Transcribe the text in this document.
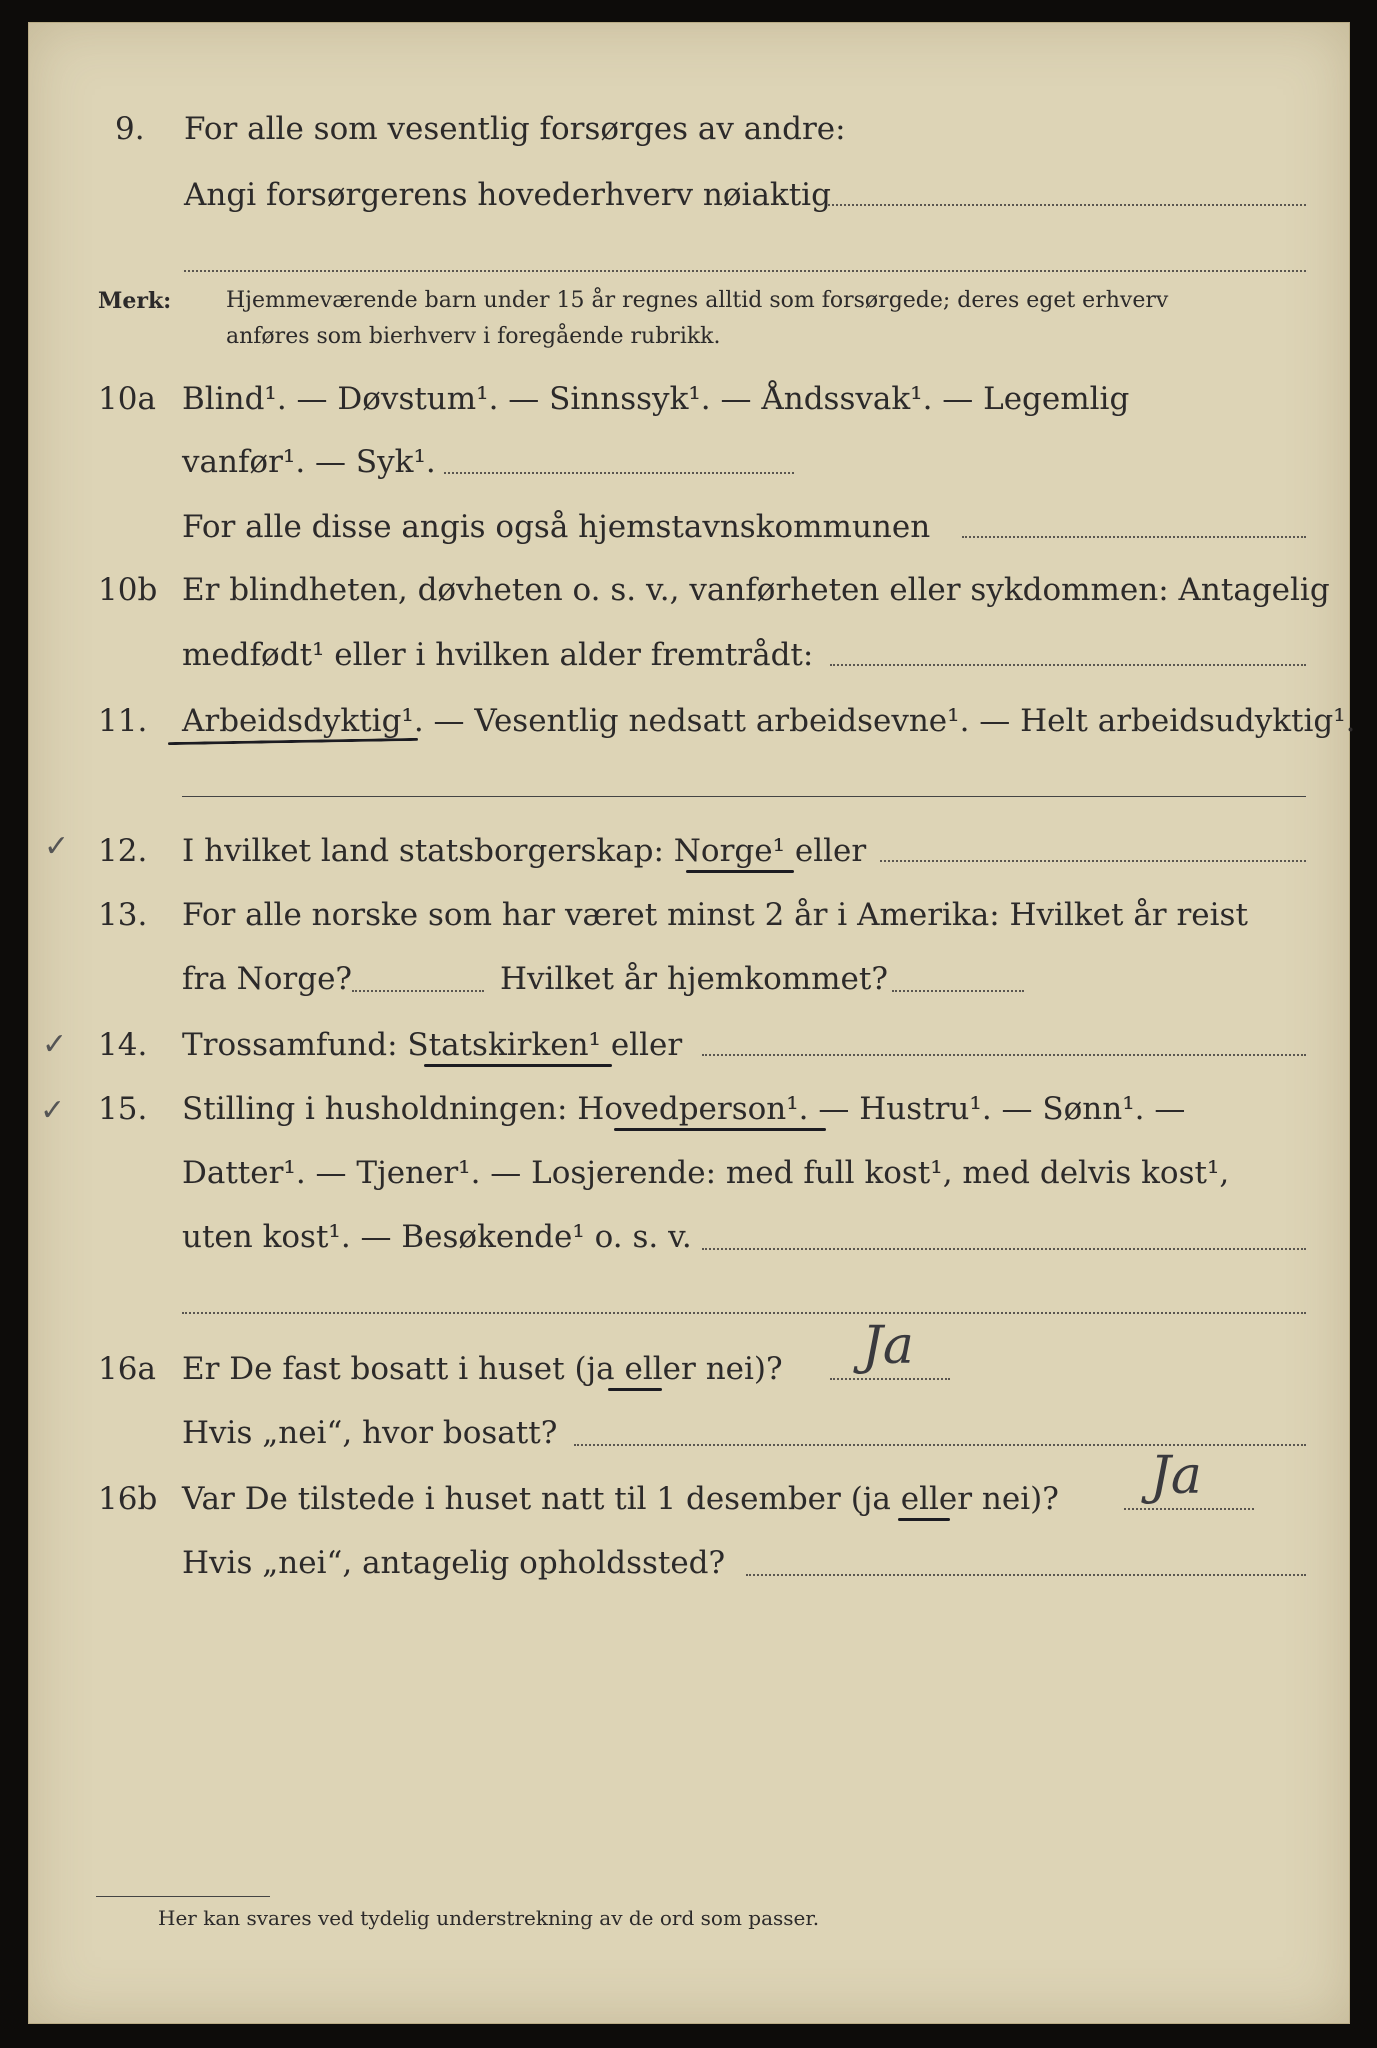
9. For alle som vesentlig forsørges av andre:
Angi forsørgerens hovederhverv nøiaktig
Merk: Hjemmeværende barn under 15 år regnes alltid som forsørgede; deres eget erhverv
anføres som bierhverv i foregående rubrikk.
10a Blind¹. — Døvstum¹. — Sinnssyk¹. — Åndssvak¹. — Legemlig
vanfør¹. — Syk¹.
For alle disse angis også hjemstavnskommunen
10b Er blindheten, døvheten o. s. v., vanførheten eller sykdommen: Antagelig
medfødt¹ eller i hvilken alder fremtrådt:
11. Arbeidsdyktig¹. — Vesentlig nedsatt arbeidsevne¹. — Helt arbeidsudyktig¹.
✓ 12. I hvilket land statsborgerskap: Norge¹ eller
13. For alle norske som har været minst 2 år i Amerika: Hvilket år reist
fra Norge?	Hvilket år hjemkommet?
✓ 14. Trossamfund: Statskirken¹ eller
✓ 15. Stilling i husholdningen: Hovedperson¹. — Hustru¹. — Sønn¹. —
Datter¹. — Tjener¹. — Losjerende: med full kost¹, med delvis kost¹,
uten kost¹. — Besøkende¹ o. s. v.
16a Er De fast bosatt i huset (ja eller nei)? Ja
Hvis „nei“, hvor bosatt?
16b Var De tilstede i huset natt til 1 desember (ja eller nei)? Ja
Hvis „nei“, antagelig opholdssted?
Her kan svares ved tydelig understrekning av de ord som passer.
